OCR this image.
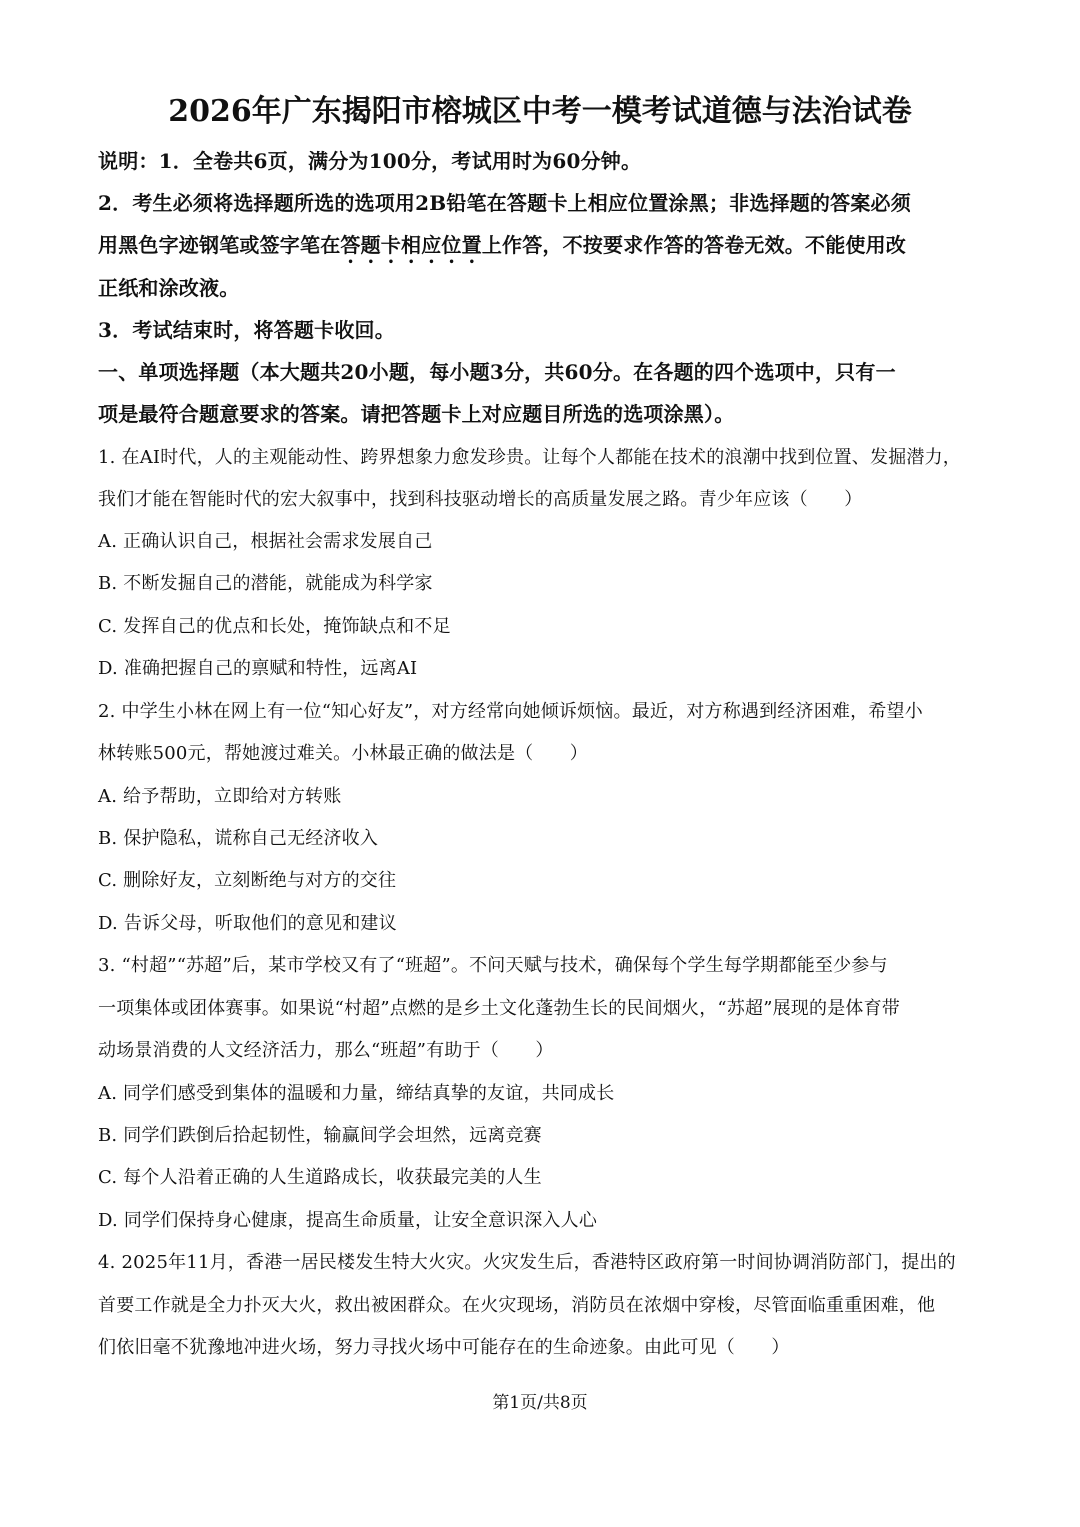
2026年广东揭阳市榕城区中考一模考试道德与法治试卷
说明：1．全卷共6页，满分为100分，考试用时为60分钟。
2．考生必须将选择题所选的选项用2B铅笔在答题卡上相应位置涂黑；非选择题的答案必须
用黑色字迹钢笔或签字笔在答题卡相应位置上作答，不按要求作答的答卷无效。不能使用改
正纸和涂改液。
3．考试结束时，将答题卡收回。
一、单项选择题（本大题共20小题，每小题3分，共60分。在各题的四个选项中，只有一
项是最符合题意要求的答案。请把答题卡上对应题目所选的选项涂黑）。
1. 在AI时代，人的主观能动性、跨界想象力愈发珍贵。让每个人都能在技术的浪潮中找到位置、发掘潜力，
我们才能在智能时代的宏大叙事中，找到科技驱动增长的高质量发展之路。青少年应该（　　）
A. 正确认识自己，根据社会需求发展自己
B. 不断发掘自己的潜能，就能成为科学家
C. 发挥自己的优点和长处，掩饰缺点和不足
D. 准确把握自己的禀赋和特性，远离AI
2. 中学生小林在网上有一位“知心好友”，对方经常向她倾诉烦恼。最近，对方称遇到经济困难，希望小
林转账500元，帮她渡过难关。小林最正确的做法是（　　）
A. 给予帮助，立即给对方转账
B. 保护隐私，谎称自己无经济收入
C. 删除好友，立刻断绝与对方的交往
D. 告诉父母，听取他们的意见和建议
3. “村超”“苏超”后，某市学校又有了“班超”。不问天赋与技术，确保每个学生每学期都能至少参与
一项集体或团体赛事。如果说“村超”点燃的是乡土文化蓬勃生长的民间烟火，“苏超”展现的是体育带
动场景消费的人文经济活力，那么“班超”有助于（　　）
A. 同学们感受到集体的温暖和力量，缔结真挚的友谊，共同成长
B. 同学们跌倒后拾起韧性，输赢间学会坦然，远离竞赛
C. 每个人沿着正确的人生道路成长，收获最完美的人生
D. 同学们保持身心健康，提高生命质量，让安全意识深入人心
4. 2025年11月，香港一居民楼发生特大火灾。火灾发生后，香港特区政府第一时间协调消防部门，提出的
首要工作就是全力扑灭大火，救出被困群众。在火灾现场，消防员在浓烟中穿梭，尽管面临重重困难，他
们依旧毫不犹豫地冲进火场，努力寻找火场中可能存在的生命迹象。由此可见（　　）
第1页/共8页
